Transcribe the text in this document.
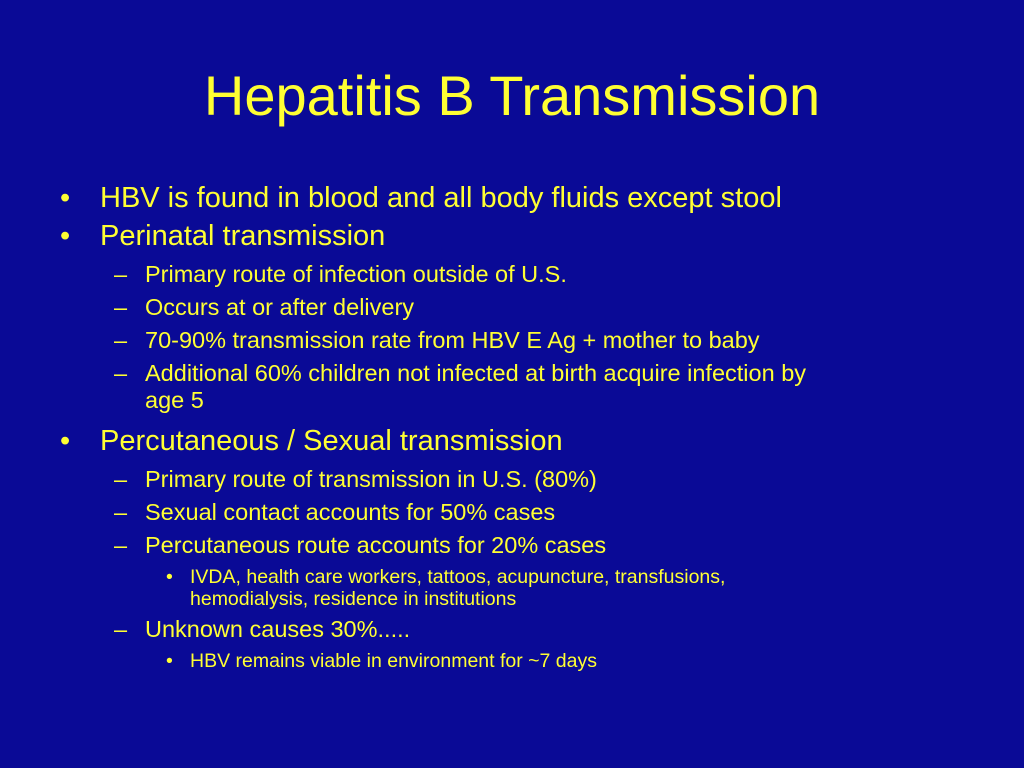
Hepatitis B Transmission
• HBV is found in blood and all body fluids except stool
• Perinatal transmission
– Primary route of infection outside of U.S.
– Occurs at or after delivery
– 70-90% transmission rate from HBV E Ag + mother to baby
– Additional 60% children not infected at birth acquire infection by
age 5
• Percutaneous / Sexual transmission
– Primary route of transmission in U.S. (80%)
– Sexual contact accounts for 50% cases
– Percutaneous route accounts for 20% cases
• IVDA, health care workers, tattoos, acupuncture, transfusions,
hemodialysis, residence in institutions
– Unknown causes 30%.....
• HBV remains viable in environment for ~7 days
